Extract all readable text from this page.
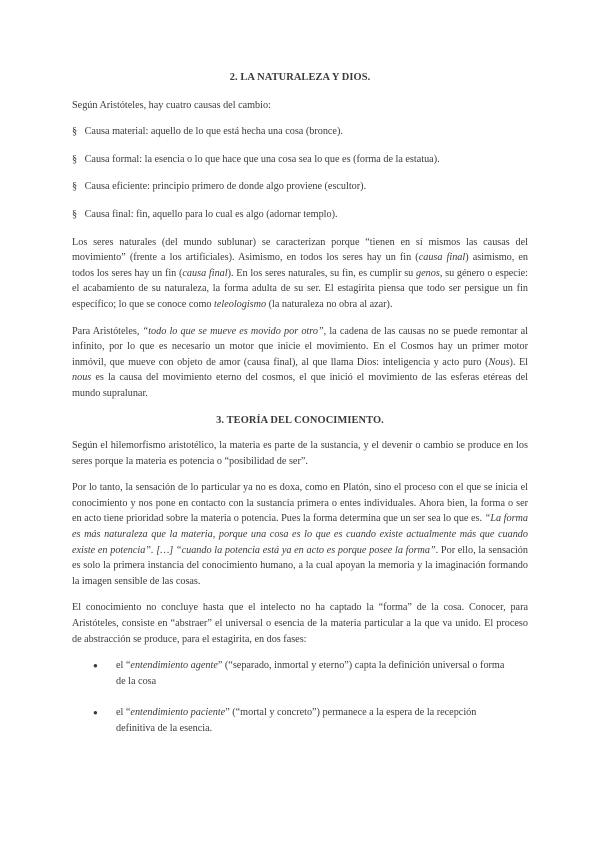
2. LA NATURALEZA Y DIOS.

Según Aristóteles, hay cuatro causas del cambio:

§ Causa material: aquello de lo que está hecha una cosa (bronce).

§ Causa formal: la esencia o lo que hace que una cosa sea lo que es (forma de la estatua).

§ Causa eficiente: principio primero de donde algo proviene (escultor).

§ Causa final: fin, aquello para lo cual es algo (adornar templo).

Los seres naturales (del mundo sublunar) se caracterizan porque “tienen en sí mismos las causas del movimiento” (frente a los artificiales). Asimismo, en todos los seres hay un fin (causa final) asimismo, en todos los seres hay un fin (causa final). En los seres naturales, su fin, es cumplir su genos, su género o especie: el acabamiento de su naturaleza, la forma adulta de su ser. El estagirita piensa que todo ser persigue un fin específico; lo que se conoce como teleologismo (la naturaleza no obra al azar).

Para Aristóteles, “todo lo que se mueve es movido por otro”, la cadena de las causas no se puede remontar al infinito, por lo que es necesario un motor que inicie el movimiento. En el Cosmos hay un primer motor inmóvil, que mueve con objeto de amor (causa final), al que llama Dios: inteligencia y acto puro (Nous). El nous es la causa del movimiento eterno del cosmos, el que inició el movimiento de las esferas etéreas del mundo supralunar.

3. TEORÍA DEL CONOCIMIENTO.

Según el hilemorfismo aristotélico, la materia es parte de la sustancia, y el devenir o cambio se produce en los seres porque la materia es potencia o “posibilidad de ser”.

Por lo tanto, la sensación de lo particular ya no es doxa, como en Platón, sino el proceso con el que se inicia el conocimiento y nos pone en contacto con la sustancia primera o entes individuales. Ahora bien, la forma o ser en acto tiene prioridad sobre la materia o potencia. Pues la forma determina que un ser sea lo que es. “La forma es más naturaleza que la materia, porque una cosa es lo que es cuando existe actualmente más que cuando existe en potencia”. […] “cuando la potencia está ya en acto es porque posee la forma”. Por ello, la sensación es solo la primera instancia del conocimiento humano, a la cual apoyan la memoria y la imaginación formando la imagen sensible de las cosas.

El conocimiento no concluye hasta que el intelecto no ha captado la “forma” de la cosa. Conocer, para Aristóteles, consiste en “abstraer” el universal o esencia de la materia particular a la que va unido. El proceso de abstracción se produce, para el estagirita, en dos fases:

● el “entendimiento agente” (“separado, inmortal y eterno”) capta la definición universal o forma de la cosa
● el “entendimiento paciente” (“mortal y concreto”) permanece a la espera de la recepción definitiva de la esencia.
